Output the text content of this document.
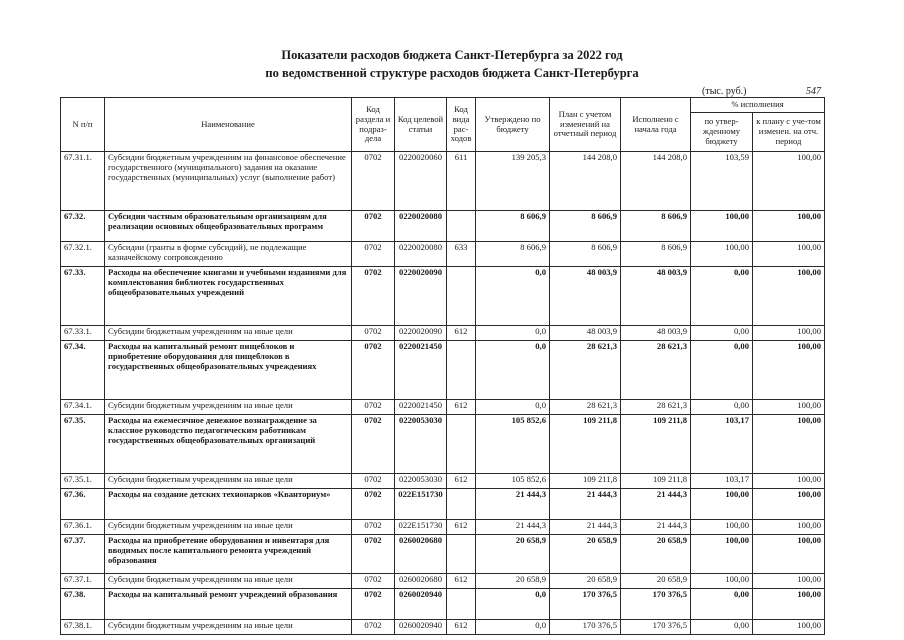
Показатели расходов бюджета Санкт-Петербурга за 2022 год
по ведомственной структуре расходов бюджета Санкт-Петербурга
(тыс. руб.)	547
N п/п	Наименование	Код раздела и подраз-дела	Код целевой статьи	Код вида рас-ходов	Утверждено по бюджету	План с учетом изменений на отчетный период	Исполнено с начала года	% исполнения	
								по утвер-жденному бюджету	к плану с уче-том изменен. на отч. период
67.31.1.	Субсидии бюджетным учреждениям на финансовое обеспечение государственного (муниципального) задания на оказание государственных (муниципальных) услуг (выполнение работ)	0702	0220020060	611	139 205,3	144 208,0	144 208,0	103,59	100,00
67.32.	Субсидии частным образовательным организациям для реализации основных общеобразовательных программ	0702	0220020080		8 606,9	8 606,9	8 606,9	100,00	100,00
67.32.1.	Субсидии (гранты в форме субсидий), не подлежащие казначейскому сопровождению	0702	0220020080	633	8 606,9	8 606,9	8 606,9	100,00	100,00
67.33.	Расходы на обеспечение книгами и учебными изданиями для комплектования библиотек государственных общеобразовательных учреждений	0702	0220020090		0,0	48 003,9	48 003,9	0,00	100,00
67.33.1.	Субсидии бюджетным учреждениям на иные цели	0702	0220020090	612	0,0	48 003,9	48 003,9	0,00	100,00
67.34.	Расходы на капитальный ремонт пищеблоков и приобретение оборудования для пищеблоков в государственных общеобразовательных учреждениях	0702	0220021450		0,0	28 621,3	28 621,3	0,00	100,00
67.34.1.	Субсидии бюджетным учреждениям на иные цели	0702	0220021450	612	0,0	28 621,3	28 621,3	0,00	100,00
67.35.	Расходы на ежемесячное денежное вознаграждение за классное руководство педагогическим работникам государственных общеобразовательных организаций	0702	0220053030		105 852,6	109 211,8	109 211,8	103,17	100,00
67.35.1.	Субсидии бюджетным учреждениям на иные цели	0702	0220053030	612	105 852,6	109 211,8	109 211,8	103,17	100,00
67.36.	Расходы на создание детских технопарков «Кванториум»	0702	022E151730		21 444,3	21 444,3	21 444,3	100,00	100,00
67.36.1.	Субсидии бюджетным учреждениям на иные цели	0702	022E151730	612	21 444,3	21 444,3	21 444,3	100,00	100,00
67.37.	Расходы на приобретение оборудования и инвентаря для вводимых после капитального ремонта учреждений образования	0702	0260020680		20 658,9	20 658,9	20 658,9	100,00	100,00
67.37.1.	Субсидии бюджетным учреждениям на иные цели	0702	0260020680	612	20 658,9	20 658,9	20 658,9	100,00	100,00
67.38.	Расходы на капитальный ремонт учреждений образования	0702	0260020940		0,0	170 376,5	170 376,5	0,00	100,00
67.38.1.	Субсидии бюджетным учреждениям на иные цели	0702	0260020940	612	0,0	170 376,5	170 376,5	0,00	100,00
